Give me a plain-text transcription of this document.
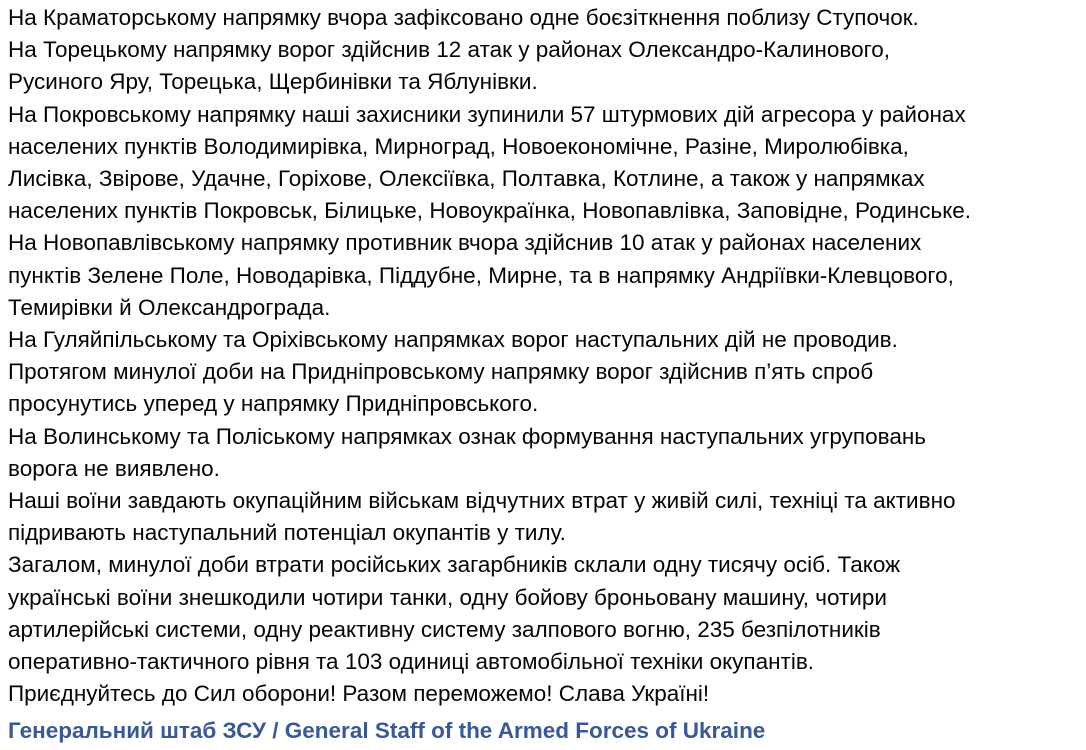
На Краматорському напрямку вчора зафіксовано одне боєзіткнення поблизу Ступочок.
На Торецькому напрямку ворог здійснив 12 атак у районах Олександро-Калинового,
Русиного Яру, Торецька, Щербинівки та Яблунівки.
На Покровському напрямку наші захисники зупинили 57 штурмових дій агресора у районах
населених пунктів Володимирівка, Мирноград, Новоекономічне, Разіне, Миролюбівка,
Лисівка, Звірове, Удачне, Горіхове, Олексіївка, Полтавка, Котлине, а також у напрямках
населених пунктів Покровськ, Білицьке, Новоукраїнка, Новопавлівка, Заповідне, Родинське.
На Новопавлівському напрямку противник вчора здійснив 10 атак у районах населених
пунктів Зелене Поле, Новодарівка, Піддубне, Мирне, та в напрямку Андріївки-Клевцового,
Темирівки й Олександрограда.
На Гуляйпільському та Оріхівському напрямках ворог наступальних дій не проводив.
Протягом минулої доби на Придніпровському напрямку ворог здійснив п’ять спроб
просунутись уперед у напрямку Придніпровського.
На Волинському та Поліському напрямках ознак формування наступальних угруповань
ворога не виявлено.
Наші воїни завдають окупаційним військам відчутних втрат у живій силі, техніці та активно
підривають наступальний потенціал окупантів у тилу.
Загалом, минулої доби втрати російських загарбників склали одну тисячу осіб. Також
українські воїни знешкодили чотири танки, одну бойову броньовану машину, чотири
артилерійські системи, одну реактивну систему залпового вогню, 235 безпілотників
оперативно-тактичного рівня та 103 одиниці автомобільної техніки окупантів.
Приєднуйтесь до Сил оборони! Разом переможемо! Слава Україні!
Генеральний штаб ЗСУ / General Staff of the Armed Forces of Ukraine
